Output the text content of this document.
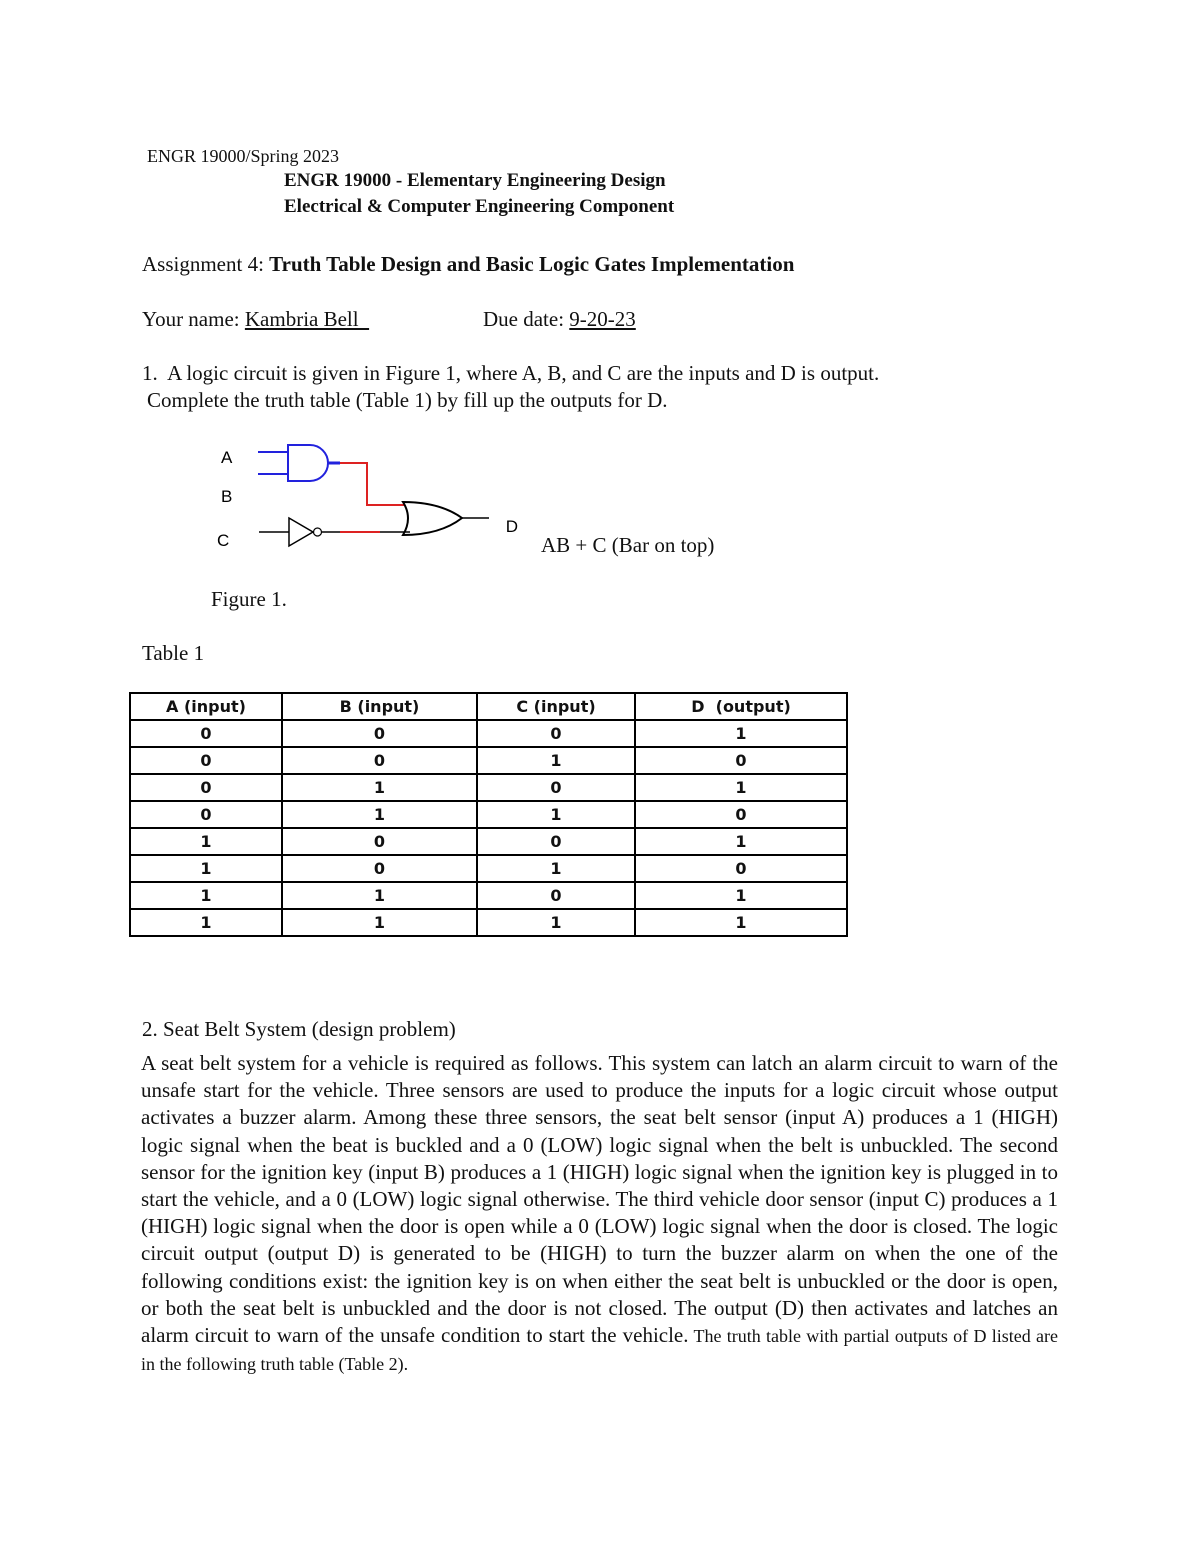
ENGR 19000/Spring 2023
ENGR 19000 - Elementary Engineering Design
Electrical & Computer Engineering Component
Assignment 4: Truth Table Design and Basic Logic Gates Implementation
Your name: Kambria Bell	Due date: 9-20-23
1.  A logic circuit is given in Figure 1, where A, B, and C are the inputs and D is output.
Complete the truth table (Table 1) by fill up the outputs for D.
A
B
C
D
AB + C (Bar on top)
Figure 1.
Table 1
A (input)	B (input)	C (input)	D  (output)
0	0	0	1
0	0	1	0
0	1	0	1
0	1	1	0
1	0	0	1
1	0	1	0
1	1	0	1
1	1	1	1
2. Seat Belt System (design problem)
A seat belt system for a vehicle is required as follows. This system can latch an alarm circuit to warn of the unsafe start for the vehicle. Three sensors are used to produce the inputs for a logic circuit whose output activates a buzzer alarm. Among these three sensors, the seat belt sensor (input A) produces a 1 (HIGH) logic signal when the beat is buckled and a 0 (LOW) logic signal when the belt is unbuckled. The second sensor for the ignition key (input B) produces a 1 (HIGH) logic signal when the ignition key is plugged in to start the vehicle, and a 0 (LOW) logic signal otherwise. The third vehicle door sensor (input C) produces a 1 (HIGH) logic signal when the door is open while a 0 (LOW) logic signal when the door is closed. The logic circuit output (output D) is generated to be (HIGH) to turn the buzzer alarm on when the one of the following conditions exist: the ignition key is on when either the seat belt is unbuckled or the door is open, or both the seat belt is unbuckled and the door is not closed. The output (D) then activates and latches an alarm circuit to warn of the unsafe condition to start the vehicle. The truth table with partial outputs of D listed are in the following truth table (Table 2).
